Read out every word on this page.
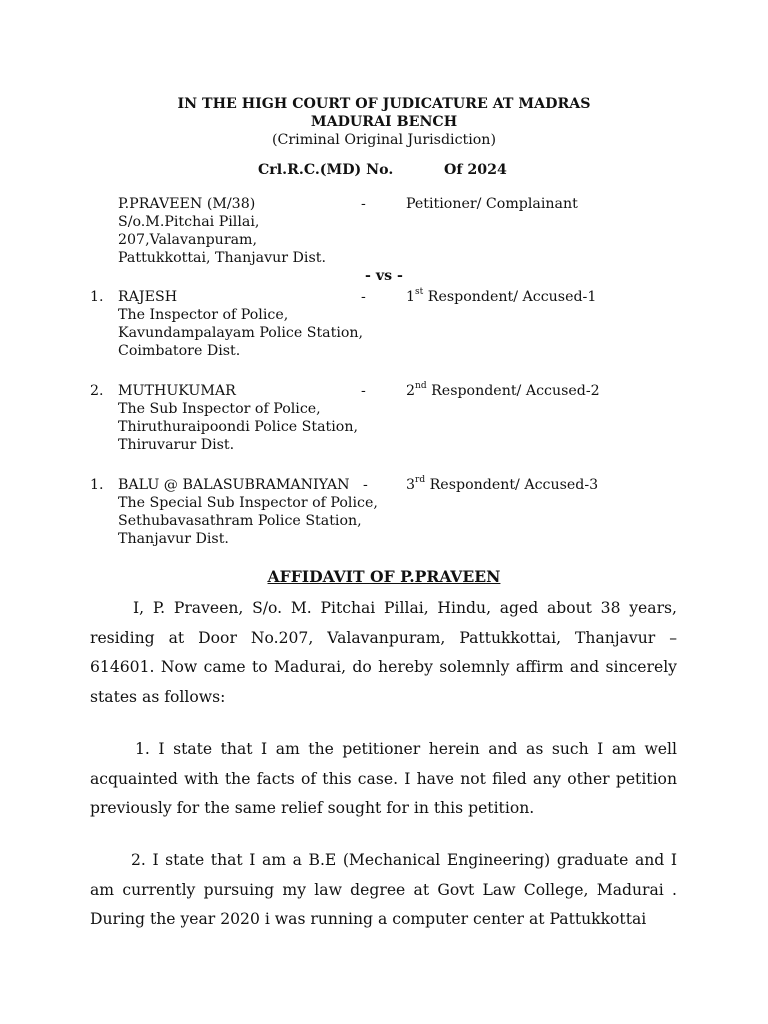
IN THE HIGH COURT OF JUDICATURE AT MADRAS
MADURAI BENCH
(Criminal Original Jurisdiction)
Crl.R.C.(MD) No.	Of 2024
P.PRAVEEN (M/38)	-	Petitioner/ Complainant
S/o.M.Pitchai Pillai,
207,Valavanpuram,
Pattukkottai, Thanjavur Dist.
- vs -
1. RAJESH	-	1st Respondent/ Accused-1
The Inspector of Police,
Kavundampalayam Police Station,
Coimbatore Dist.
2. MUTHUKUMAR	-	2nd Respondent/ Accused-2
The Sub Inspector of Police,
Thiruthuraipoondi Police Station,
Thiruvarur Dist.
1. BALU @ BALASUBRAMANIYAN -	3rd Respondent/ Accused-3
The Special Sub Inspector of Police,
Sethubavasathram Police Station,
Thanjavur Dist.
AFFIDAVIT OF P.PRAVEEN

I, P. Praveen, S/o. M. Pitchai Pillai, Hindu, aged about 38 years, residing at Door No.207, Valavanpuram, Pattukkottai, Thanjavur – 614601. Now came to Madurai, do hereby solemnly affirm and sincerely states as follows:

1. I state that I am the petitioner herein and as such I am well acquainted with the facts of this case. I have not filed any other petition previously for the same relief sought for in this petition.

2. I state that I am a B.E (Mechanical Engineering) graduate and I am currently pursuing my law degree at Govt Law College, Madurai . During the year 2020 i was running a computer center at Pattukkottai
